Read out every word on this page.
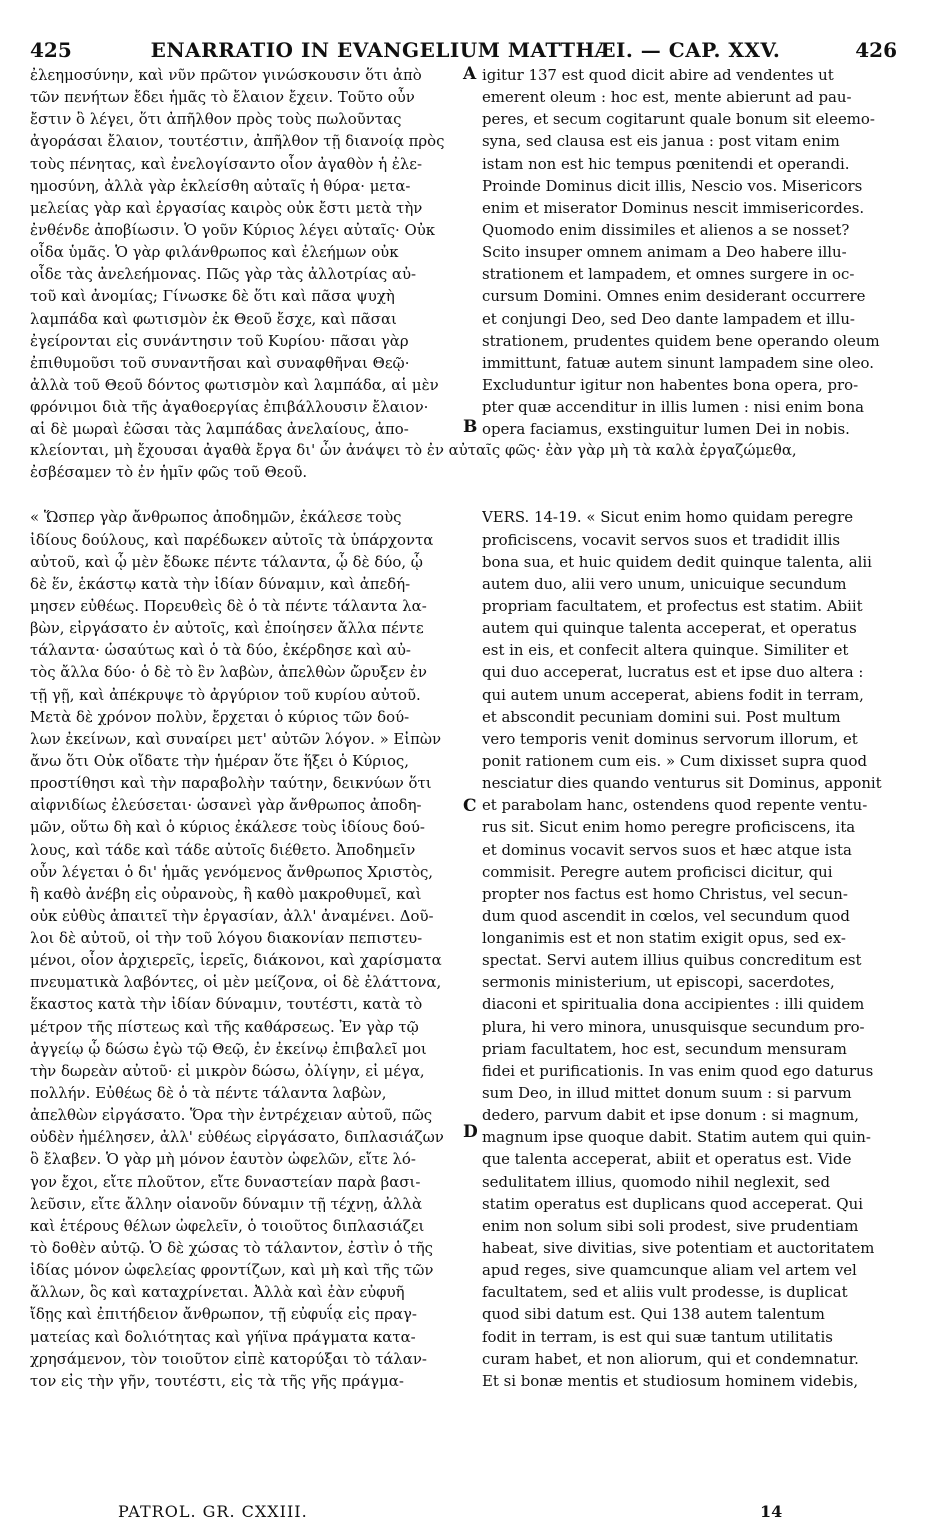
425	ENARRATIO IN EVANGELIUM MATTHÆI. — CAP. XXV.	426
ἐλεημοσύνην, καὶ νῦν πρῶτον γινώσκουσιν ὅτι ἀπὸ
τῶν πενήτων ἔδει ἡμᾶς τὸ ἔλαιον ἔχειν. Τοῦτο οὖν
ἔστιν ὃ λέγει, ὅτι ἀπῆλθον πρὸς τοὺς πωλοῦντας
ἀγοράσαι ἔλαιον, τουτέστιν, ἀπῆλθον τῇ διανοίᾳ πρὸς
τοὺς πένητας, καὶ ἐνελογίσαντο οἷον ἀγαθὸν ἡ ἐλε-
ημοσύνη, ἀλλὰ γὰρ ἐκλείσθη αὐταῖς ἡ θύρα· μετα-
μελείας γὰρ καὶ ἐργασίας καιρὸς οὐκ ἔστι μετὰ τὴν
ἐνθένδε ἀποβίωσιν. Ὁ γοῦν Κύριος λέγει αὐταῖς· Οὐκ
οἶδα ὑμᾶς. Ὁ γὰρ φιλάνθρωπος καὶ ἐλεήμων οὐκ
οἶδε τὰς ἀνελεήμονας. Πῶς γὰρ τὰς ἀλλοτρίας αὐ-
τοῦ καὶ ἀνομίας; Γίνωσκε δὲ ὅτι καὶ πᾶσα ψυχὴ
λαμπάδα καὶ φωτισμὸν ἐκ Θεοῦ ἔσχε, καὶ πᾶσαι
ἐγείρονται εἰς συνάντησιν τοῦ Κυρίου· πᾶσαι γὰρ
ἐπιθυμοῦσι τοῦ συναντῆσαι καὶ συναφθῆναι Θεῷ·
ἀλλὰ τοῦ Θεοῦ δόντος φωτισμὸν καὶ λαμπάδα, αἱ μὲν
φρόνιμοι διὰ τῆς ἀγαθοεργίας ἐπιβάλλουσιν ἔλαιον·
αἱ δὲ μωραὶ ἐῶσαι τὰς λαμπάδας ἀνελαίους, ἀπο-
« Ὥσπερ γὰρ ἄνθρωπος ἀποδημῶν, ἐκάλεσε τοὺς
ἰδίους δούλους, καὶ παρέδωκεν αὐτοῖς τὰ ὑπάρχοντα
αὐτοῦ, καὶ ᾧ μὲν ἔδωκε πέντε τάλαντα, ᾧ δὲ δύο, ᾧ
δὲ ἕν, ἑκάστῳ κατὰ τὴν ἰδίαν δύναμιν, καὶ ἀπεδή-
μησεν εὐθέως. Πορευθεὶς δὲ ὁ τὰ πέντε τάλαντα λα-
βὼν, εἰργάσατο ἐν αὐτοῖς, καὶ ἐποίησεν ἄλλα πέντε
τάλαντα· ὡσαύτως καὶ ὁ τὰ δύο, ἐκέρδησε καὶ αὐ-
τὸς ἄλλα δύο· ὁ δὲ τὸ ἓν λαβὼν, ἀπελθὼν ὤρυξεν ἐν
τῇ γῇ, καὶ ἀπέκρυψε τὸ ἀργύριον τοῦ κυρίου αὐτοῦ.
Μετὰ δὲ χρόνον πολὺν, ἔρχεται ὁ κύριος τῶν δού-
λων ἐκείνων, καὶ συναίρει μετ' αὐτῶν λόγον. » Εἰπὼν
ἄνω ὅτι Οὐκ οἴδατε τὴν ἡμέραν ὅτε ἥξει ὁ Κύριος,
προστίθησι καὶ τὴν παραβολὴν ταύτην, δεικνύων ὅτι
αἰφνιδίως ἐλεύσεται· ὡσανεὶ γὰρ ἄνθρωπος ἀποδη-
μῶν, οὕτω δὴ καὶ ὁ κύριος ἐκάλεσε τοὺς ἰδίους δού-
λους, καὶ τάδε καὶ τάδε αὐτοῖς διέθετο. Ἀποδημεῖν
οὖν λέγεται ὁ δι' ἡμᾶς γενόμενος ἄνθρωπος Χριστὸς,
ἢ καθὸ ἀνέβη εἰς οὐρανοὺς, ἢ καθὸ μακροθυμεῖ, καὶ
οὐκ εὐθὺς ἀπαιτεῖ τὴν ἐργασίαν, ἀλλ' ἀναμένει. Δοῦ-
λοι δὲ αὐτοῦ, οἱ τὴν τοῦ λόγου διακονίαν πεπιστευ-
μένοι, οἷον ἀρχιερεῖς, ἱερεῖς, διάκονοι, καὶ χαρίσματα
πνευματικὰ λαβόντες, οἱ μὲν μείζονα, οἱ δὲ ἐλάττονα,
ἕκαστος κατὰ τὴν ἰδίαν δύναμιν, τουτέστι, κατὰ τὸ
μέτρον τῆς πίστεως καὶ τῆς καθάρσεως. Ἐν γὰρ τῷ
ἀγγείῳ ᾧ δώσω ἐγὼ τῷ Θεῷ, ἐν ἐκείνῳ ἐπιβαλεῖ μοι
τὴν δωρεὰν αὐτοῦ· εἰ μικρὸν δώσω, ὀλίγην, εἰ μέγα,
πολλήν. Εὐθέως δὲ ὁ τὰ πέντε τάλαντα λαβὼν,
ἀπελθὼν εἰργάσατο. Ὅρα τὴν ἐντρέχειαν αὐτοῦ, πῶς
οὐδὲν ἠμέλησεν, ἀλλ' εὐθέως εἰργάσατο, διπλασιάζων
ὃ ἔλαβεν. Ὁ γὰρ μὴ μόνον ἑαυτὸν ὠφελῶν, εἴτε λό-
γον ἔχοι, εἴτε πλοῦτον, εἴτε δυναστείαν παρὰ βασι-
λεῦσιν, εἴτε ἄλλην οἱανοῦν δύναμιν τῇ τέχνῃ, ἀλλὰ
καὶ ἑτέρους θέλων ὠφελεῖν, ὁ τοιοῦτος διπλασιάζει
τὸ δοθὲν αὐτῷ. Ὁ δὲ χώσας τὸ τάλαντον, ἐστὶν ὁ τῆς
ἰδίας μόνον ὠφελείας φροντίζων, καὶ μὴ καὶ τῆς τῶν
ἄλλων, ὃς καὶ καταχρίνεται. Ἀλλὰ καὶ ἐὰν εὐφυῆ
ἴδῃς καὶ ἐπιτήδειον ἄνθρωπον, τῇ εὐφυΐᾳ εἰς πραγ-
ματείας καὶ δολιότητας καὶ γήϊνα πράγματα κατα-
χρησάμενον, τὸν τοιοῦτον εἰπὲ κατορύξαι τὸ τάλαν-
τον εἰς τὴν γῆν, τουτέστι, εἰς τὰ τῆς γῆς πράγμα-
igitur 137 est quod dicit abire ad vendentes ut
emerent oleum : hoc est, mente abierunt ad pau-
peres, et secum cogitarunt quale bonum sit eleemo-
syna, sed clausa est eis janua : post vitam enim
istam non est hic tempus pœnitendi et operandi.
Proinde Dominus dicit illis, Nescio vos. Misericors
enim et miserator Dominus nescit immisericordes.
Quomodo enim dissimiles et alienos a se nosset?
Scito insuper omnem animam a Deo habere illu-
strationem et lampadem, et omnes surgere in oc-
cursum Domini. Omnes enim desiderant occurrere
et conjungi Deo, sed Deo dante lampadem et illu-
strationem, prudentes quidem bene operando oleum
immittunt, fatuæ autem sinunt lampadem sine oleo.
Excluduntur igitur non habentes bona opera, pro-
pter quæ accenditur in illis lumen : nisi enim bona
opera faciamus, exstinguitur lumen Dei in nobis.
VERS. 14-19. « Sicut enim homo quidam peregre
proficiscens, vocavit servos suos et tradidit illis
bona sua, et huic quidem dedit quinque talenta, alii
autem duo, alii vero unum, unicuique secundum
propriam facultatem, et profectus est statim. Abiit
autem qui quinque talenta acceperat, et operatus
est in eis, et confecit altera quinque. Similiter et
qui duo acceperat, lucratus est et ipse duo altera :
qui autem unum acceperat, abiens fodit in terram,
et abscondit pecuniam domini sui. Post multum
vero temporis venit dominus servorum illorum, et
ponit rationem cum eis. » Cum dixisset supra quod
nesciatur dies quando venturus sit Dominus, apponit
et parabolam hanc, ostendens quod repente ventu-
rus sit. Sicut enim homo peregre proficiscens, ita
et dominus vocavit servos suos et hæc atque ista
commisit. Peregre autem proficisci dicitur, qui
propter nos factus est homo Christus, vel secun-
dum quod ascendit in cœlos, vel secundum quod
longanimis est et non statim exigit opus, sed ex-
spectat. Servi autem illius quibus concreditum est
sermonis ministerium, ut episcopi, sacerdotes,
diaconi et spiritualia dona accipientes : illi quidem
plura, hi vero minora, unusquisque secundum pro-
priam facultatem, hoc est, secundum mensuram
fidei et purificationis. In vas enim quod ego daturus
sum Deo, in illud mittet donum suum : si parvum
dedero, parvum dabit et ipse donum : si magnum,
magnum ipse quoque dabit. Statim autem qui quin-
que talenta acceperat, abiit et operatus est. Vide
sedulitatem illius, quomodo nihil neglexit, sed
statim operatus est duplicans quod acceperat. Qui
enim non solum sibi soli prodest, sive prudentiam
habeat, sive divitias, sive potentiam et auctoritatem
apud reges, sive quamcunque aliam vel artem vel
facultatem, sed et aliis vult prodesse, is duplicat
quod sibi datum est. Qui 138 autem talentum
fodit in terram, is est qui suæ tantum utilitatis
curam habet, et non aliorum, qui et condemnatur.
Et si bonæ mentis et studiosum hominem videbis,
A
B
C
D
PATROL. GR. CXXIII.	14
κλείονται, μὴ ἔχουσαι ἀγαθὰ ἔργα δι' ὧν ἀνάψει τὸ ἐν αὐταῖς φῶς· ἐὰν γὰρ μὴ τὰ καλὰ ἐργαζώμεθα,
ἐσβέσαμεν τὸ ἐν ἡμῖν φῶς τοῦ Θεοῦ.
